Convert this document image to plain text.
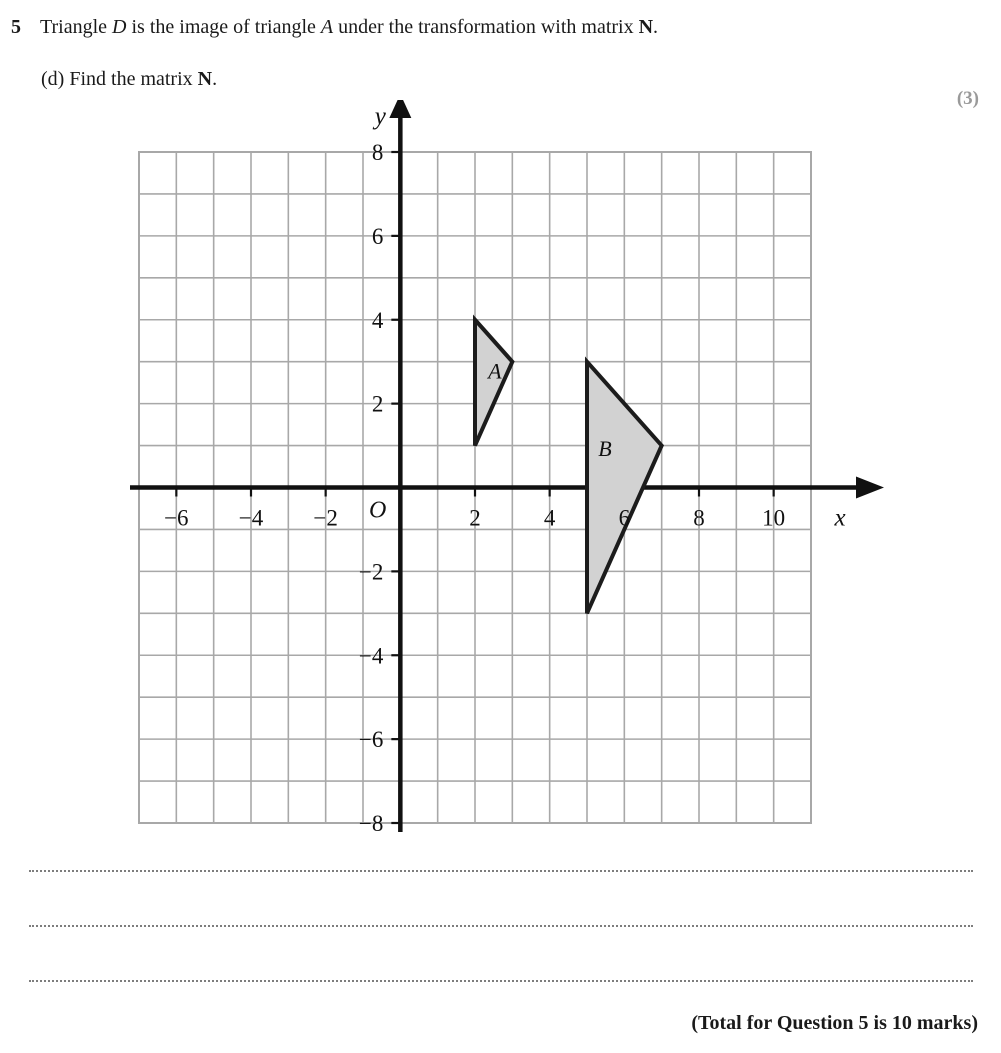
5 Triangle D is the image of triangle A under the transformation with matrix N.
(d) Find the matrix N.
(3)
−6 −4 −2	2	4	6	8 10
8
6
4
2
−2
−4
−6
−8
O	x
y
A
B
(Total for Question 5 is 10 marks)
